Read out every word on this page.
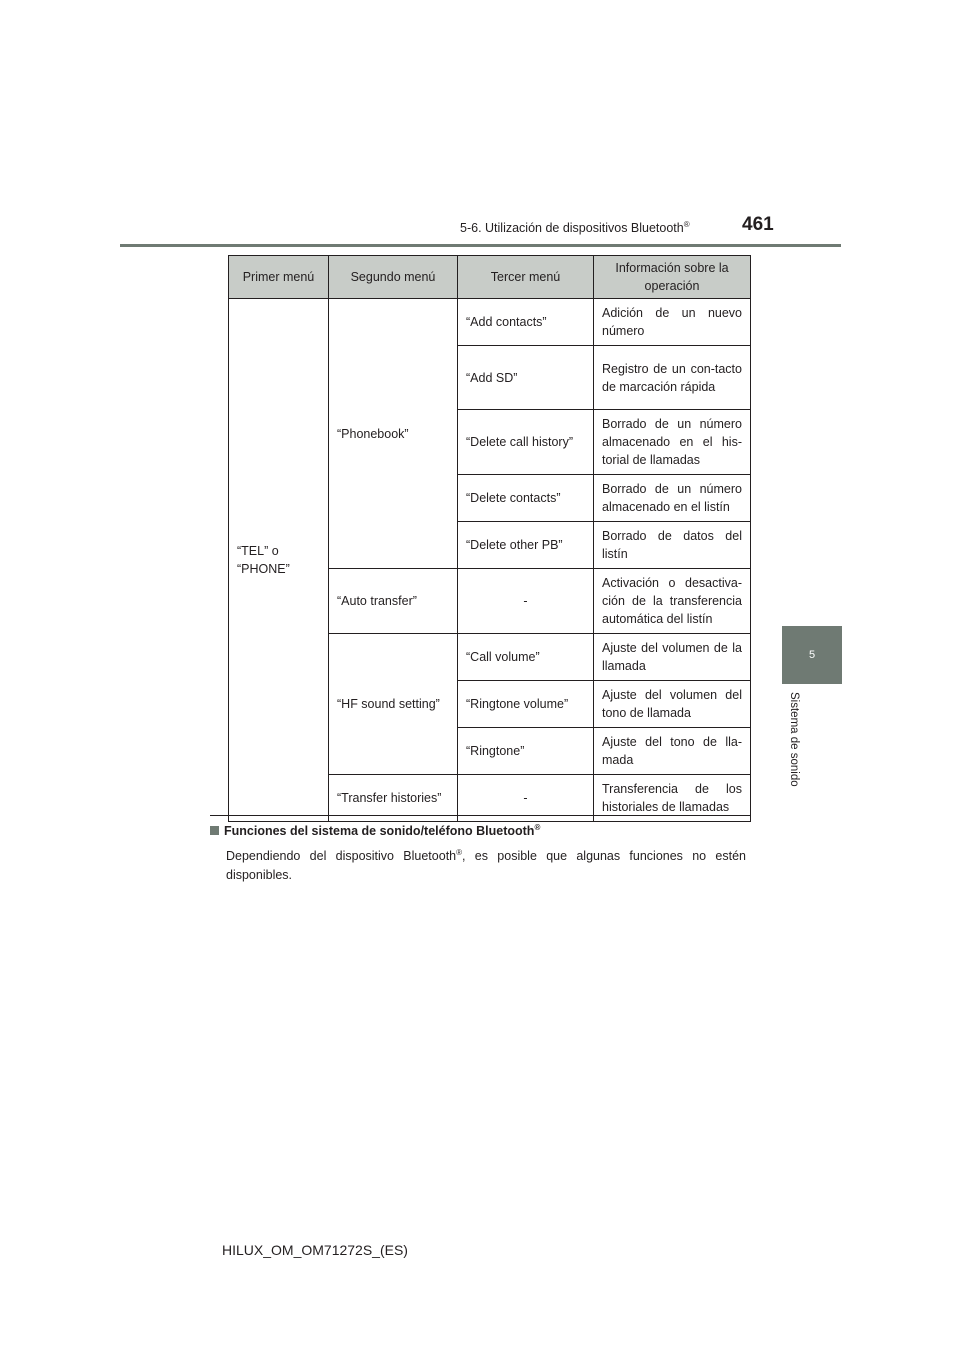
5-6. Utilización de dispositivos Bluetooth®	461
5
Sistema de sonido
Primer menú	Segundo menú	Tercer menú	Información sobre la operación
“TEL” o “PHONE”	“Phonebook”	“Add contacts”	Adición de un nuevo número
		“Add SD”	Registro de un con-tacto de marcación rápida
		“Delete call history”	Borrado de un número almacenado en el his-torial de llamadas
		“Delete contacts”	Borrado de un número almacenado en el listín
		“Delete other PB”	Borrado de datos del listín
	“Auto transfer”	-	Activación o desactiva-ción de la transferencia automática del listín
	“HF sound setting”	“Call volume”	Ajuste del volumen de la llamada
		“Ringtone volume”	Ajuste del volumen del tono de llamada
		“Ringtone”	Ajuste del tono de lla-mada
	“Transfer histories”	-	Transferencia de los historiales de llamadas
Funciones del sistema de sonido/teléfono Bluetooth®
Dependiendo del dispositivo Bluetooth®, es posible que algunas funciones no estén disponibles.
HILUX_OM_OM71272S_(ES)
